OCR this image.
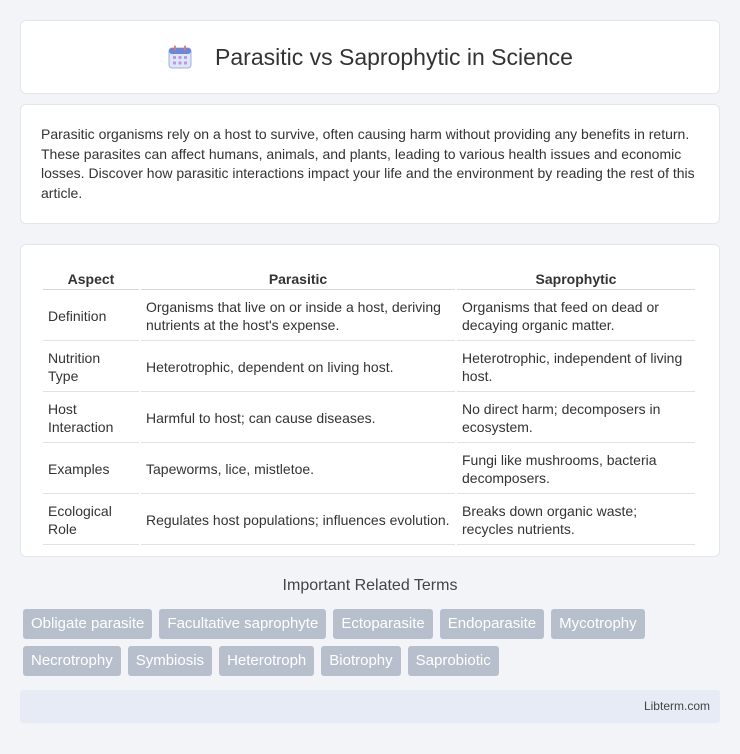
Parasitic vs Saprophytic in Science

Parasitic organisms rely on a host to survive, often causing harm without providing any benefits in return. These parasites can affect humans, animals, and plants, leading to various health issues and economic losses. Discover how parasitic interactions impact your life and the environment by reading the rest of this article.

Aspect	Parasitic	Saprophytic
Definition	Organisms that live on or inside a host, deriving nutrients at the host's expense.	Organisms that feed on dead or decaying organic matter.
Nutrition Type	Heterotrophic, dependent on living host.	Heterotrophic, independent of living host.
Host Interaction	Harmful to host; can cause diseases.	No direct harm; decomposers in ecosystem.
Examples	Tapeworms, lice, mistletoe.	Fungi like mushrooms, bacteria decomposers.
Ecological Role	Regulates host populations; influences evolution.	Breaks down organic waste; recycles nutrients.
Important Related Terms
Obligate parasite	Facultative saprophyte	Ectoparasite	Endoparasite	Mycotrophy
Necrotrophy	Symbiosis	Heterotroph	Biotrophy	Saprobiotic
Libterm.com
